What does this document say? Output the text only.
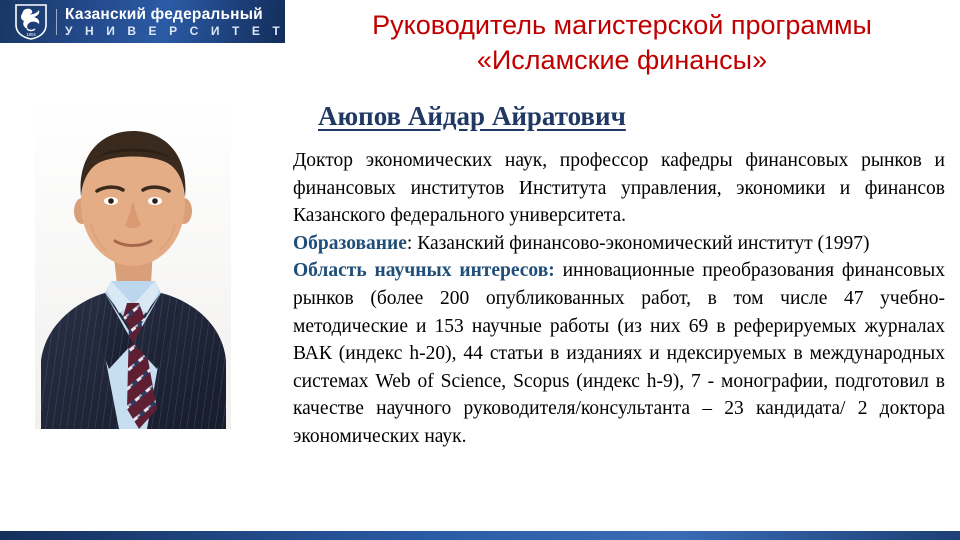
1804
Казанский федеральный
У Н И В Е Р С И Т Е Т	Руководитель магистерской программы
«Исламские финансы»
Аюпов Айдар Айратович

Доктор экономических наук, профессор кафедры финансовых рынков и финансовых институтов Института управления, экономики и финансов Казанского федерального университета.

Образование: Казанский финансово-экономический институт (1997)

Область научных интересов: инновационные преобразования финансовых рынков (более 200 опубликованных работ, в том числе 47 учебно- методические и 153 научные работы (из них 69 в реферируемых журналах ВАК (индекс h-20), 44 статьи в изданиях и ндексируемых в международных системах Web of Science, Scopus (индекс h-9), 7 - монографии, подготовил в качестве научного руководителя/консультанта – 23 кандидата/ 2 доктора экономических наук.
